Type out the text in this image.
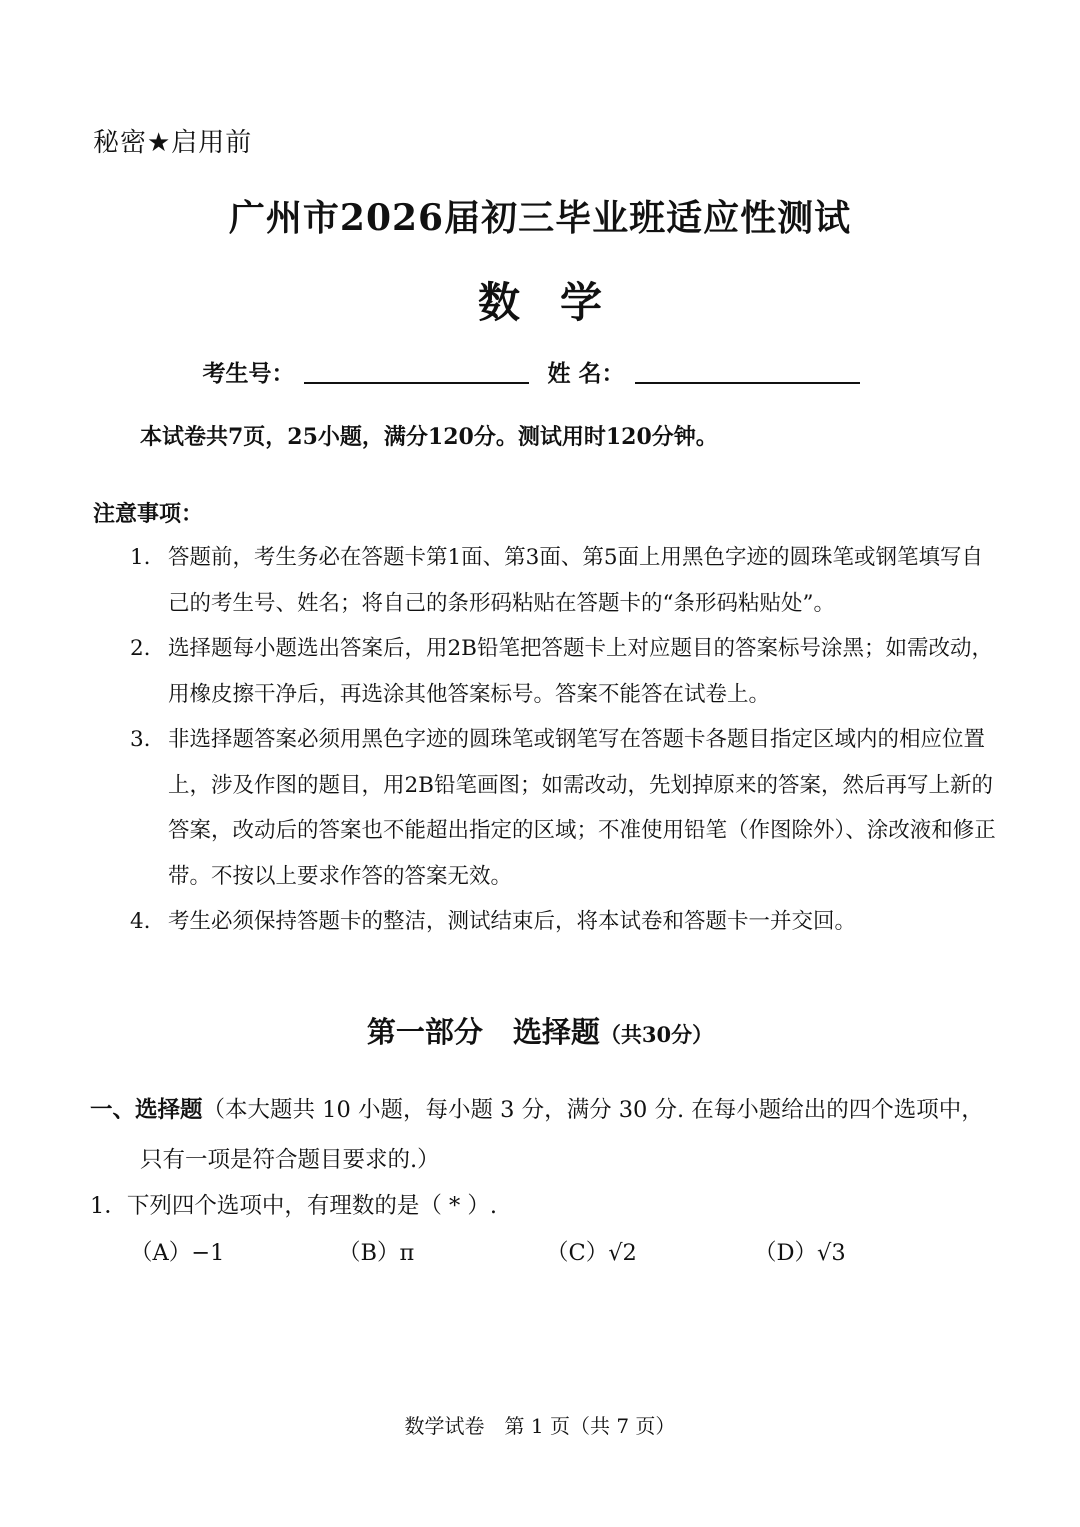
秘密★启用前
广州市2026届初三毕业班适应性测试
数学
考生号：	姓 名：
本试卷共7页，25小题，满分120分。测试用时120分钟。
注意事项：
1. 答题前，考生务必在答题卡第1面、第3面、第5面上用黑色字迹的圆珠笔或钢笔填写自己的考生号、姓名；将自己的条形码粘贴在答题卡的“条形码粘贴处”。
2. 选择题每小题选出答案后，用2B铅笔把答题卡上对应题目的答案标号涂黑；如需改动，用橡皮擦干净后，再选涂其他答案标号。答案不能答在试卷上。
3. 非选择题答案必须用黑色字迹的圆珠笔或钢笔写在答题卡各题目指定区域内的相应位置上，涉及作图的题目，用2B铅笔画图；如需改动，先划掉原来的答案，然后再写上新的答案，改动后的答案也不能超出指定的区域；不准使用铅笔（作图除外）、涂改液和修正带。不按以上要求作答的答案无效。
4. 考生必须保持答题卡的整洁，测试结束后，将本试卷和答题卡一并交回。
第一部分 选择题（共30分）
一、选择题（本大题共 10 小题，每小题 3 分，满分 30 分. 在每小题给出的四个选项中，
只有一项是符合题目要求的.）
1．下列四个选项中，有理数的是（ * ）.
（A）−1	（B）π	（C）√2	（D）√3
数学试卷　第 1 页（共 7 页）
